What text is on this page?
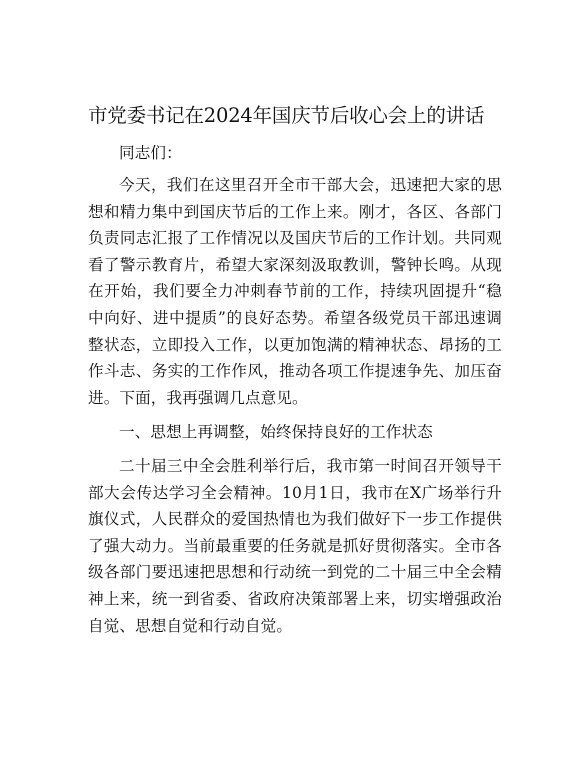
市党委书记在2024年国庆节后收心会上的讲话
同志们：
今天，我们在这里召开全市干部大会，迅速把大家的思想和精力集中到国庆节后的工作上来。刚才，各区、各部门负责同志汇报了工作情况以及国庆节后的工作计划。共同观看了警示教育片，希望大家深刻汲取教训，警钟长鸣。从现在开始，我们要全力冲刺春节前的工作，持续巩固提升“稳中向好、进中提质”的良好态势。希望各级党员干部迅速调整状态，立即投入工作，以更加饱满的精神状态、昂扬的工作斗志、务实的工作作风，推动各项工作提速争先、加压奋进。下面，我再强调几点意见。
一、思想上再调整，始终保持良好的工作状态
二十届三中全会胜利举行后，我市第一时间召开领导干部大会传达学习全会精神。10月1日，我市在X广场举行升旗仪式，人民群众的爱国热情也为我们做好下一步工作提供了强大动力。当前最重要的任务就是抓好贯彻落实。全市各级各部门要迅速把思想和行动统一到党的二十届三中全会精神上来，统一到省委、省政府决策部署上来，切实增强政治自觉、思想自觉和行动自觉。
